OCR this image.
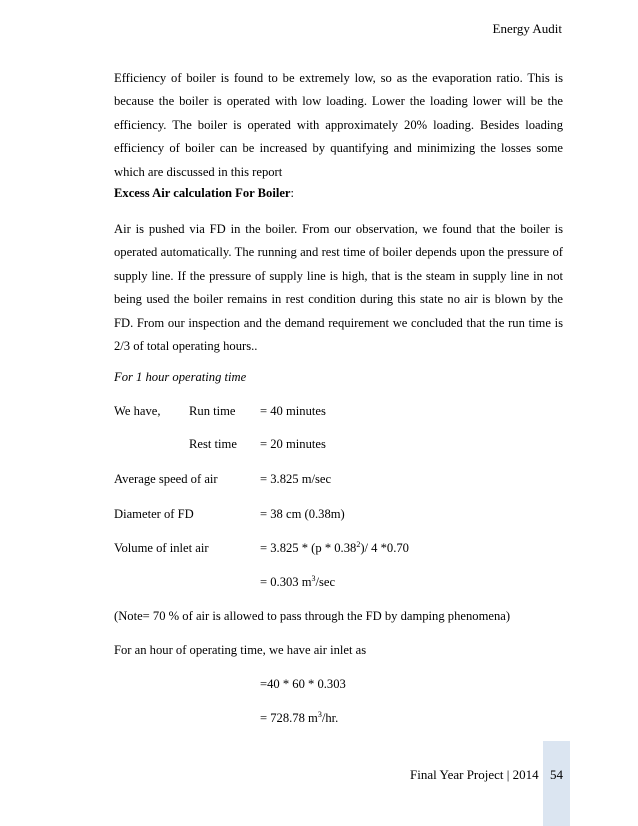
Energy Audit

Efficiency of boiler is found to be extremely low, so as the evaporation ratio. This is because the boiler is operated with low loading. Lower the loading lower will be the efficiency. The boiler is operated with approximately 20% loading. Besides loading efficiency of boiler can be increased by quantifying and minimizing the losses some which are discussed in this report

Excess Air calculation For Boiler:

Air is pushed via FD in the boiler. From our observation, we found that the boiler is operated automatically. The running and rest time of boiler depends upon the pressure of supply line. If the pressure of supply line is high, that is the steam in supply line in not being used the boiler remains in rest condition during this state no air is blown by the FD. From our inspection and the demand requirement we concluded that the run time is 2/3 of total operating hours..

For 1 hour operating time
We have, Run time = 40 minutes
Rest time = 20 minutes
Average speed of air	= 3.825 m/sec
Diameter of FD	= 38 cm (0.38m)
Volume of inlet air	= 3.825 * (p * 0.38$^2$)/ 4 *0.70
= 0.303 $m^3/\sec$
(Note= 70 % of air is allowed to pass through the FD by damping phenomena)
For an hour of operating time, we have air inlet as
=40 * 60 * 0.303
= 728.78 $m^3/hr$.
Final Year Project | 2014 54
